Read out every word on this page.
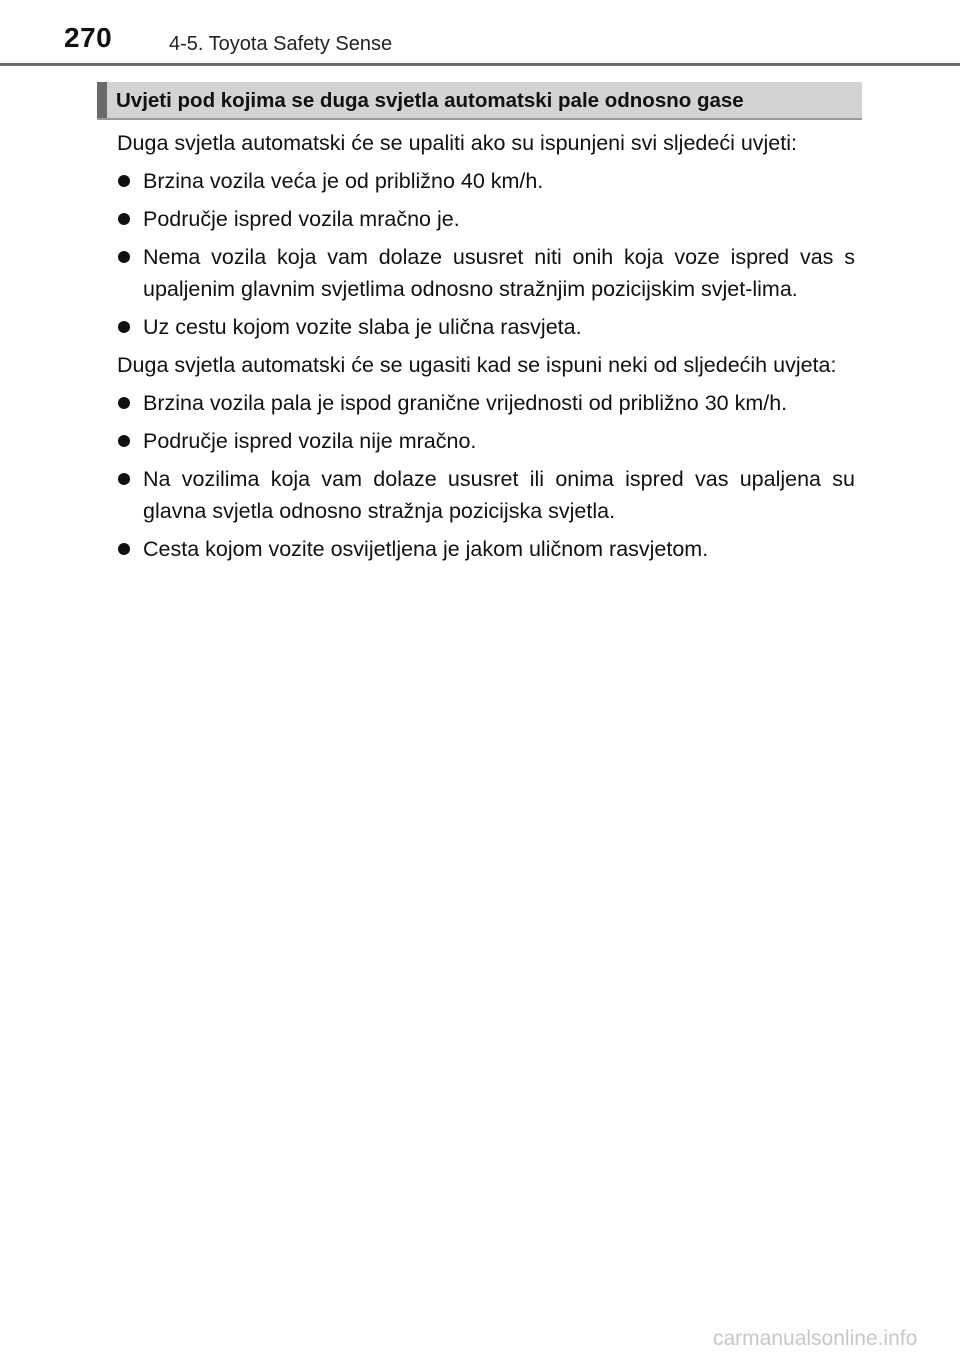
270	4-5. Toyota Safety Sense
Uvjeti pod kojima se duga svjetla automatski pale odnosno gase

Duga svjetla automatski će se upaliti ako su ispunjeni svi sljedeći uvjeti:

Brzina vozila veća je od približno 40 km/h.
Područje ispred vozila mračno je.
Nema vozila koja vam dolaze ususret niti onih koja voze ispred vas s upaljenim glavnim svjetlima odnosno stražnjim pozicijskim svjet-lima.
Uz cestu kojom vozite slaba je ulična rasvjeta.

Duga svjetla automatski će se ugasiti kad se ispuni neki od sljedećih uvjeta:

Brzina vozila pala je ispod granične vrijednosti od približno 30 km/h.
Područje ispred vozila nije mračno.
Na vozilima koja vam dolaze ususret ili onima ispred vas upaljena su glavna svjetla odnosno stražnja pozicijska svjetla.
Cesta kojom vozite osvijetljena je jakom uličnom rasvjetom.
carmanualsonline.info
